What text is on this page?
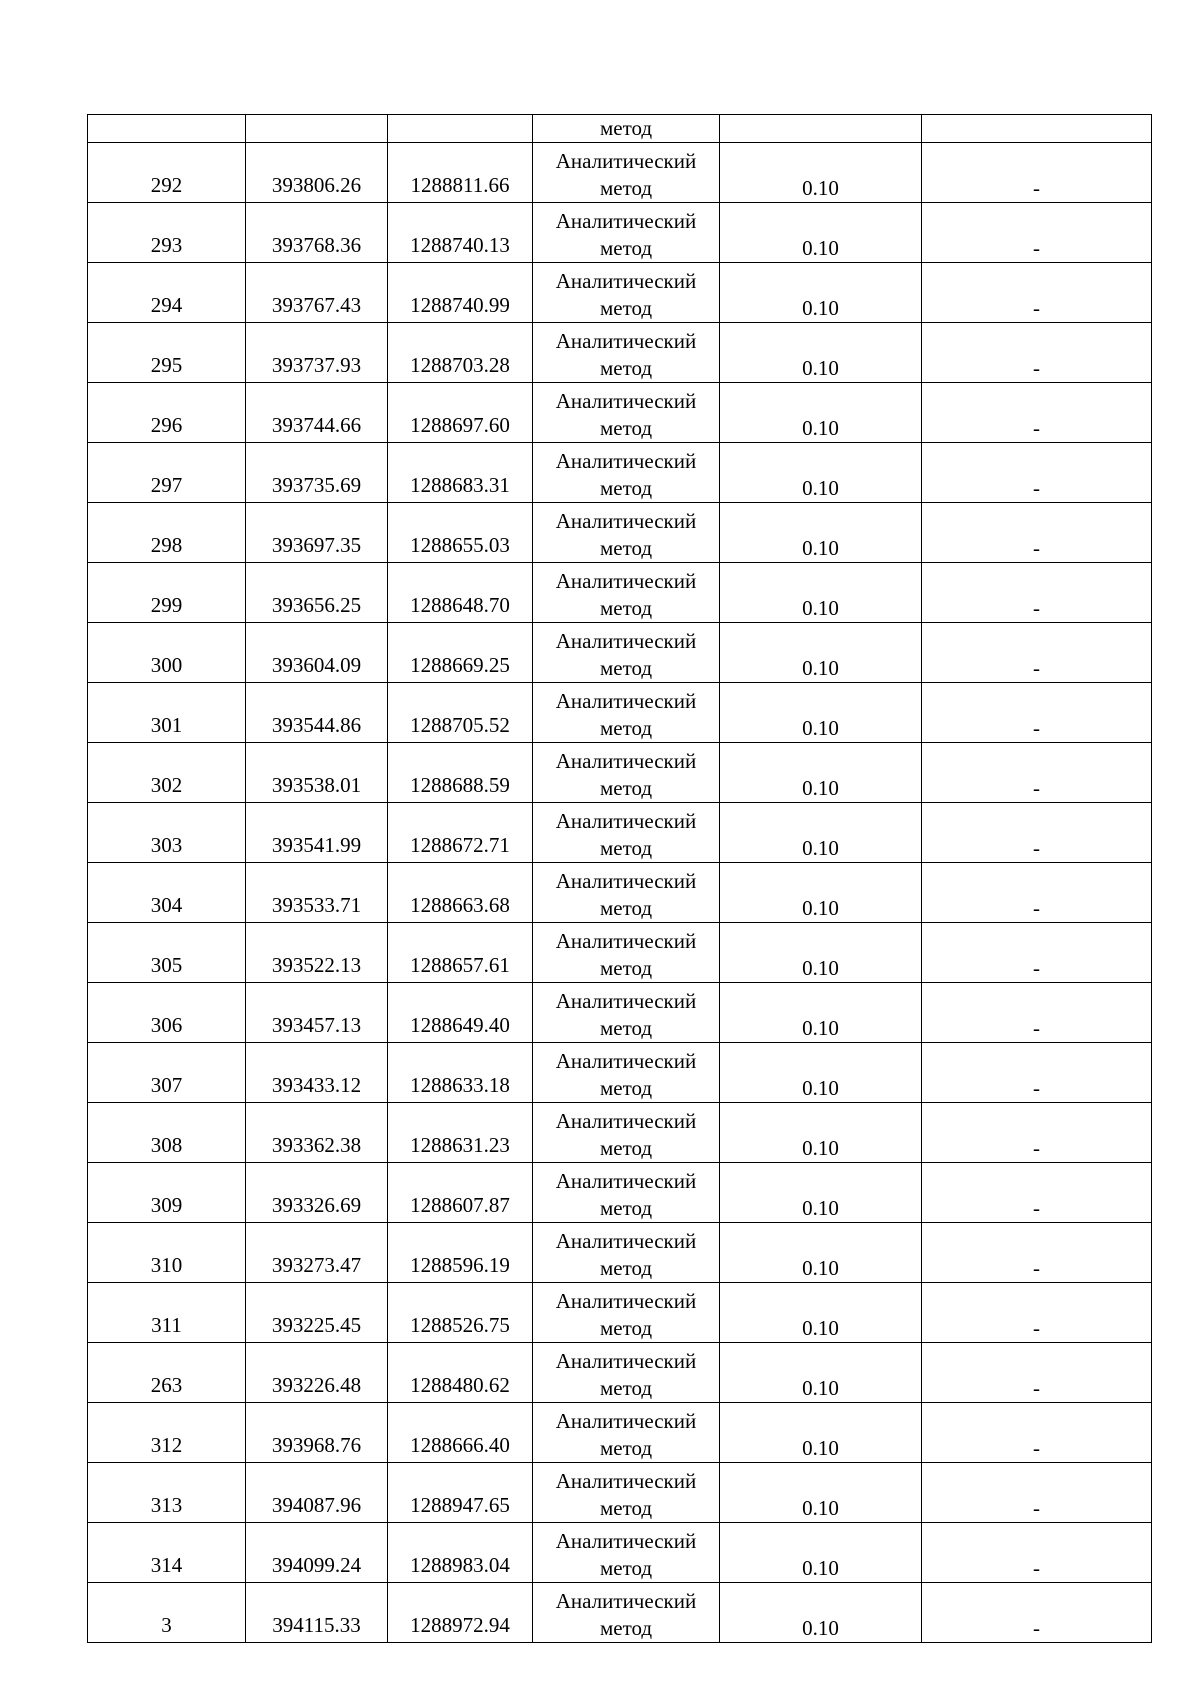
			метод		
292	393806.26	1288811.66	Аналитический
метод	0.10	-
293	393768.36	1288740.13	Аналитический
метод	0.10	-
294	393767.43	1288740.99	Аналитический
метод	0.10	-
295	393737.93	1288703.28	Аналитический
метод	0.10	-
296	393744.66	1288697.60	Аналитический
метод	0.10	-
297	393735.69	1288683.31	Аналитический
метод	0.10	-
298	393697.35	1288655.03	Аналитический
метод	0.10	-
299	393656.25	1288648.70	Аналитический
метод	0.10	-
300	393604.09	1288669.25	Аналитический
метод	0.10	-
301	393544.86	1288705.52	Аналитический
метод	0.10	-
302	393538.01	1288688.59	Аналитический
метод	0.10	-
303	393541.99	1288672.71	Аналитический
метод	0.10	-
304	393533.71	1288663.68	Аналитический
метод	0.10	-
305	393522.13	1288657.61	Аналитический
метод	0.10	-
306	393457.13	1288649.40	Аналитический
метод	0.10	-
307	393433.12	1288633.18	Аналитический
метод	0.10	-
308	393362.38	1288631.23	Аналитический
метод	0.10	-
309	393326.69	1288607.87	Аналитический
метод	0.10	-
310	393273.47	1288596.19	Аналитический
метод	0.10	-
311	393225.45	1288526.75	Аналитический
метод	0.10	-
263	393226.48	1288480.62	Аналитический
метод	0.10	-
312	393968.76	1288666.40	Аналитический
метод	0.10	-
313	394087.96	1288947.65	Аналитический
метод	0.10	-
314	394099.24	1288983.04	Аналитический
метод	0.10	-
3	394115.33	1288972.94	Аналитический
метод	0.10	-
